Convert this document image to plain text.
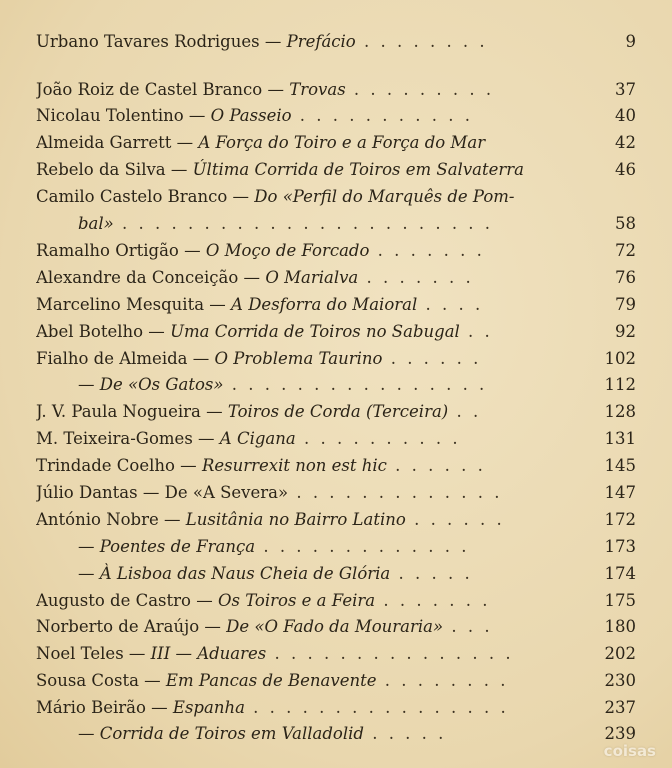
Urbano Tavares Rodrigues — Prefácio . . . . . . . .	9
João Roiz de Castel Branco — Trovas . . . . . . . . .	37
Nicolau Tolentino — O Passeio . . . . . . . . . . .	40
Almeida Garrett — A Força do Toiro e a Força do Mar	42
Rebelo da Silva — Última Corrida de Toiros em Salvaterra	46
Camilo Castelo Branco — Do «Perfil do Marquês de Pom-
bal» . . . . . . . . . . . . . . . . . . . . . . .	58
Ramalho Ortigão — O Moço de Forcado . . . . . . .	72
Alexandre da Conceição — O Marialva . . . . . . .	76
Marcelino Mesquita — A Desforra do Maioral . . . .	79
Abel Botelho — Uma Corrida de Toiros no Sabugal . .	92
Fialho de Almeida — O Problema Taurino . . . . . .	102
— De «Os Gatos» . . . . . . . . . . . . . . . .	112
J. V. Paula Nogueira — Toiros de Corda (Terceira) . .	128
M. Teixeira-Gomes — A Cigana . . . . . . . . . .	131
Trindade Coelho — Resurrexit non est hic . . . . . .	145
Júlio Dantas — De «A Severa» . . . . . . . . . . . . .	147
António Nobre — Lusitânia no Bairro Latino . . . . . .	172
— Poentes de França . . . . . . . . . . . . .	173
— À Lisboa das Naus Cheia de Glória . . . . .	174
Augusto de Castro — Os Toiros e a Feira . . . . . . .	175
Norberto de Araújo — De «O Fado da Mouraria» . . .	180
Noel Teles — III — Aduares . . . . . . . . . . . . . . .	202
Sousa Costa — Em Pancas de Benavente . . . . . . . .	230
Mário Beirão — Espanha . . . . . . . . . . . . . . . .	237
— Corrida de Toiros em Valladolid . . . . .	239
coisas
